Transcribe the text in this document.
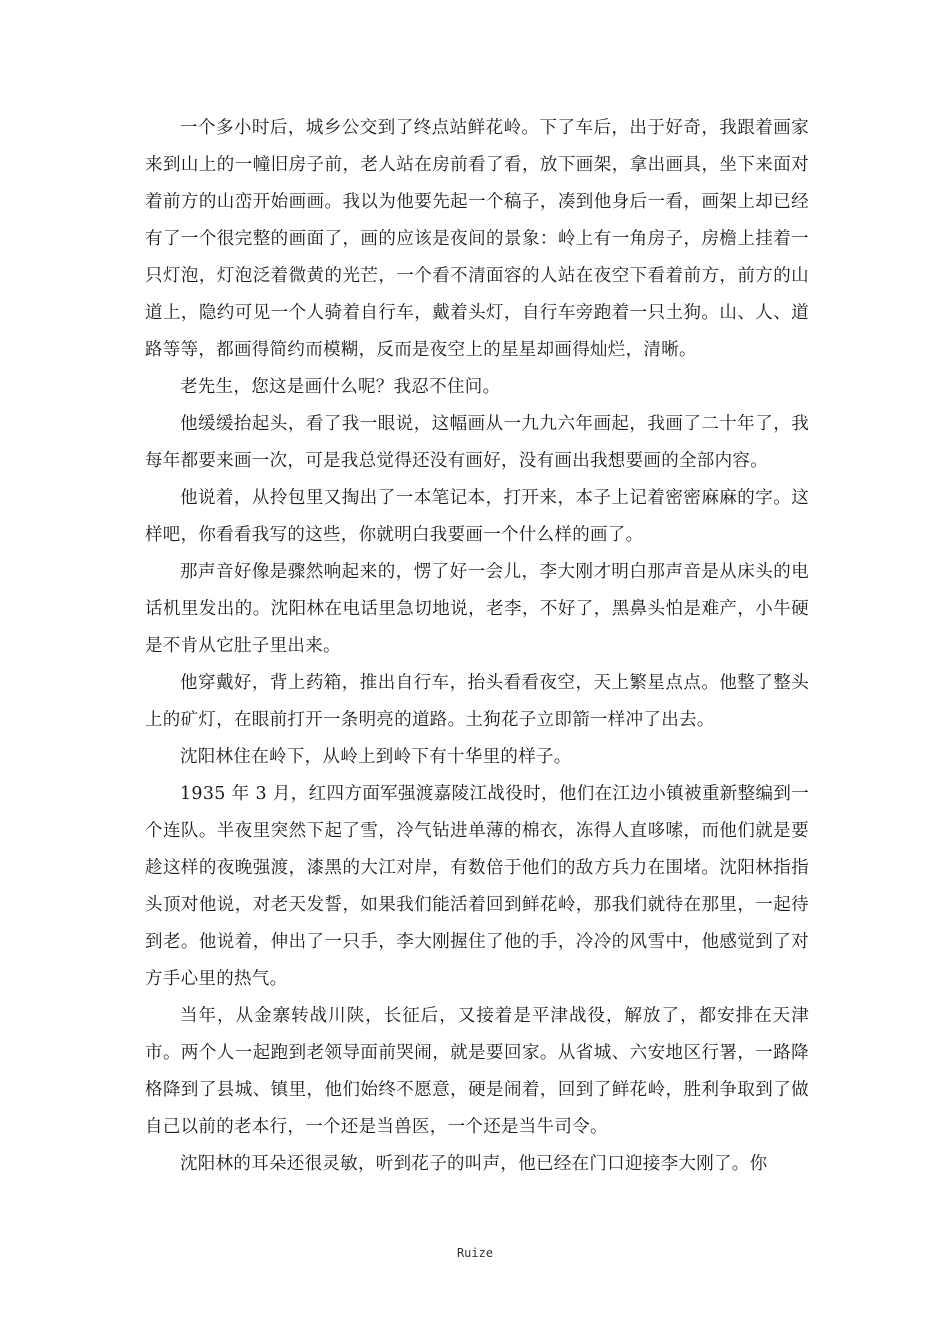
一个多小时后，城乡公交到了终点站鲜花岭。下了车后，出于好奇，我跟着画家来到山上的一幢旧房子前，老人站在房前看了看，放下画架，拿出画具，坐下来面对着前方的山峦开始画画。我以为他要先起一个稿子，凑到他身后一看，画架上却已经有了一个很完整的画面了，画的应该是夜间的景象：岭上有一角房子，房檐上挂着一只灯泡，灯泡泛着微黄的光芒，一个看不清面容的人站在夜空下看着前方，前方的山道上，隐约可见一个人骑着自行车，戴着头灯，自行车旁跑着一只土狗。山、人、道路等等，都画得简约而模糊，反而是夜空上的星星却画得灿烂，清晰。

老先生，您这是画什么呢？我忍不住问。

他缓缓抬起头，看了我一眼说，这幅画从一九九六年画起，我画了二十年了，我每年都要来画一次，可是我总觉得还没有画好，没有画出我想要画的全部内容。

他说着，从拎包里又掏出了一本笔记本，打开来，本子上记着密密麻麻的字。这样吧，你看看我写的这些，你就明白我要画一个什么样的画了。

那声音好像是骤然响起来的，愣了好一会儿，李大刚才明白那声音是从床头的电话机里发出的。沈阳林在电话里急切地说，老李，不好了，黑鼻头怕是难产，小牛硬是不肯从它肚子里出来。

他穿戴好，背上药箱，推出自行车，抬头看看夜空，天上繁星点点。他整了整头上的矿灯，在眼前打开一条明亮的道路。土狗花子立即箭一样冲了出去。

沈阳林住在岭下，从岭上到岭下有十华里的样子。

1935 年 3 月，红四方面军强渡嘉陵江战役时，他们在江边小镇被重新整编到一个连队。半夜里突然下起了雪，冷气钻进单薄的棉衣，冻得人直哆嗦，而他们就是要趁这样的夜晚强渡，漆黑的大江对岸，有数倍于他们的敌方兵力在围堵。沈阳林指指头顶对他说，对老天发誓，如果我们能活着回到鲜花岭，那我们就待在那里，一起待到老。他说着，伸出了一只手，李大刚握住了他的手，冷冷的风雪中，他感觉到了对方手心里的热气。

当年，从金寨转战川陕，长征后，又接着是平津战役，解放了，都安排在天津市。两个人一起跑到老领导面前哭闹，就是要回家。从省城、六安地区行署，一路降格降到了县城、镇里，他们始终不愿意，硬是闹着，回到了鲜花岭，胜利争取到了做自己以前的老本行，一个还是当兽医，一个还是当牛司令。

沈阳林的耳朵还很灵敏，听到花子的叫声，他已经在门口迎接李大刚了。你

Ruize
